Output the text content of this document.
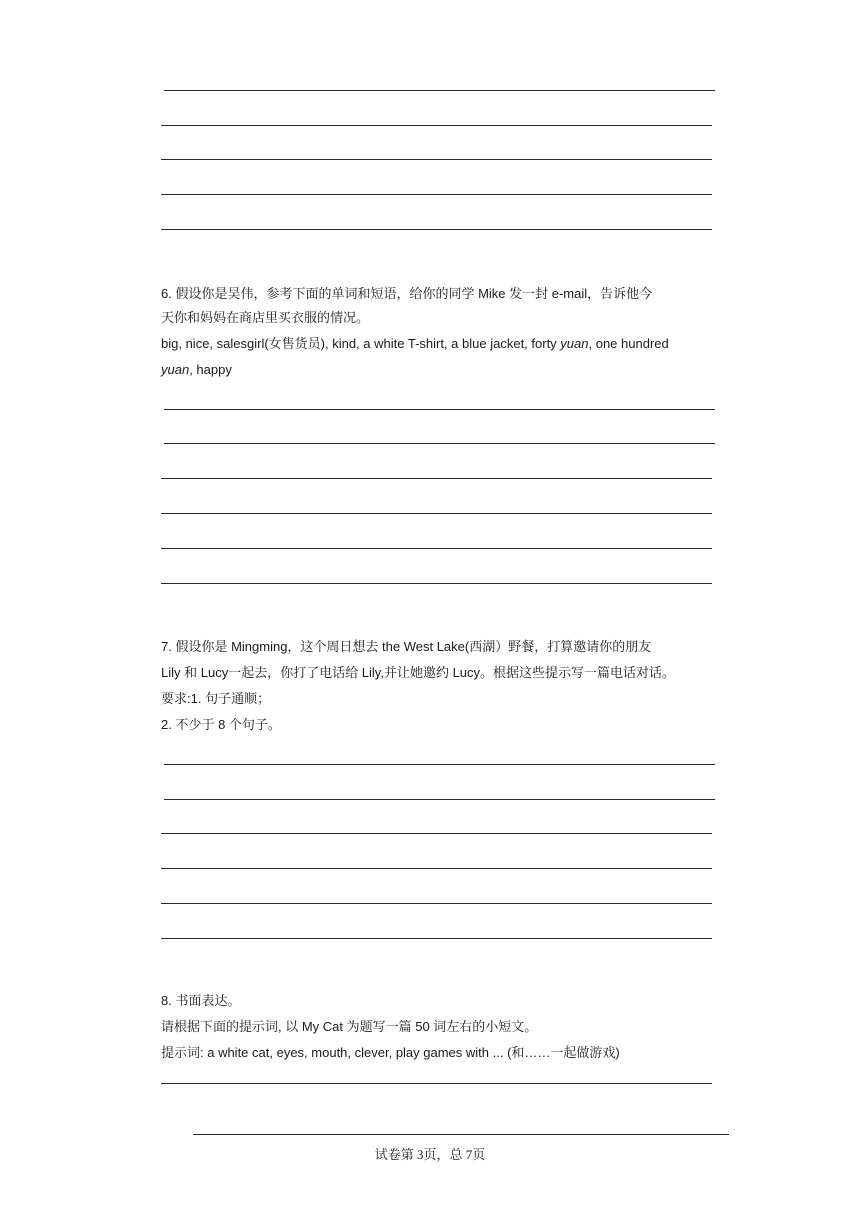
6. 假设你是吴伟，参考下面的单词和短语，给你的同学 Mike 发一封 e-mail，告诉他今
天你和妈妈在商店里买衣服的情况。
big, nice, salesgirl(女售货员), kind, a white T-shirt, a blue jacket, forty yuan, one hundred
yuan, happy
7. 假设你是 Mingming，这个周日想去 the West Lake(西湖）野餐，打算邀请你的朋友
Lily 和 Lucy一起去，你打了电话给 Lily,并让她邀约 Lucy。根据这些提示写一篇电话对话。
要求:1. 句子通顺；
2. 不少于 8 个句子。
8. 书面表达。
请根据下面的提示词, 以 My Cat 为题写一篇 50 词左右的小短文。
提示词: a white cat, eyes, mouth, clever, play games with ... (和……一起做游戏)
试卷第 3页，总 7页
